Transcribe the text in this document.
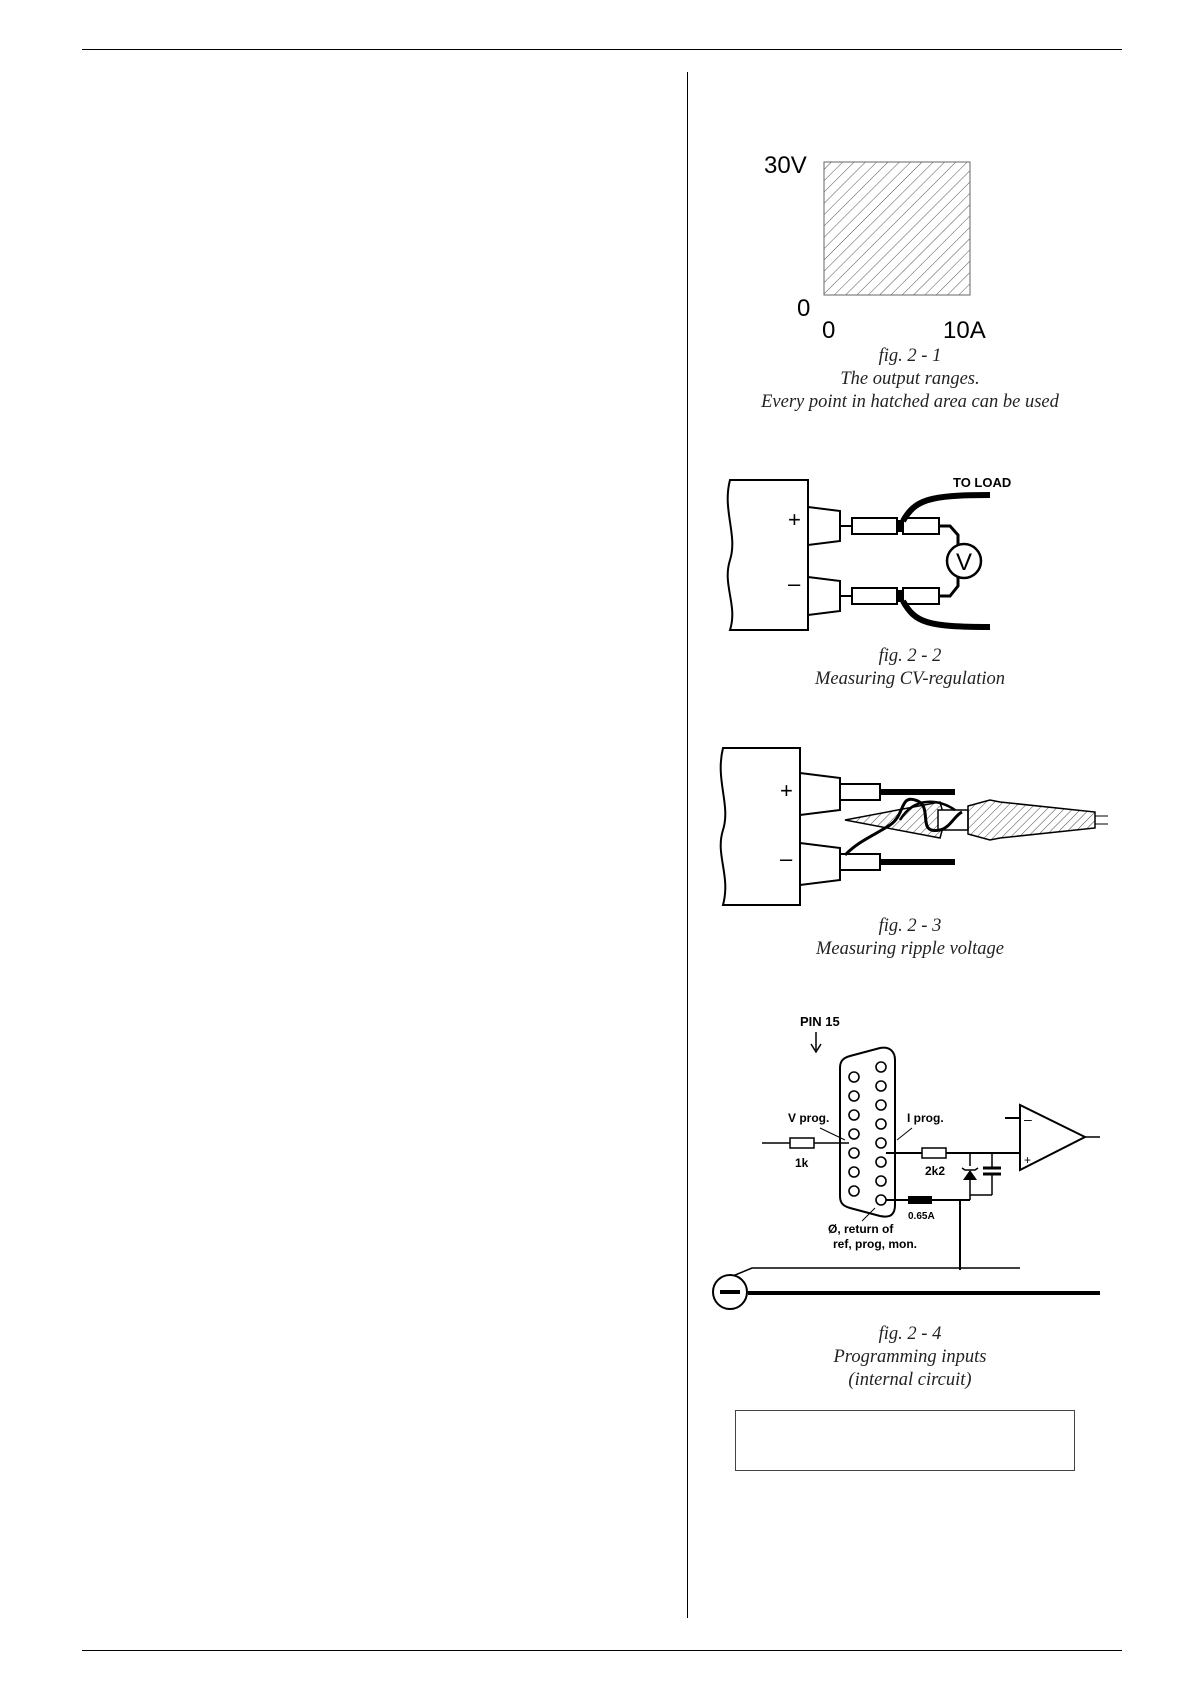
30V
0
0	10A
fig. 2 - 1
The output ranges.
Every point in hatched area can be used
+
–
TO LOAD
V
fig. 2 - 2
Measuring CV-regulation
+
–
fig. 2 - 3
Measuring ripple voltage
PIN 15
V prog.
1k
I prog.
2k2
0.65A
Ø, return of
ref, prog, mon.
–
+
fig. 2 - 4
Programming inputs
(internal circuit)
